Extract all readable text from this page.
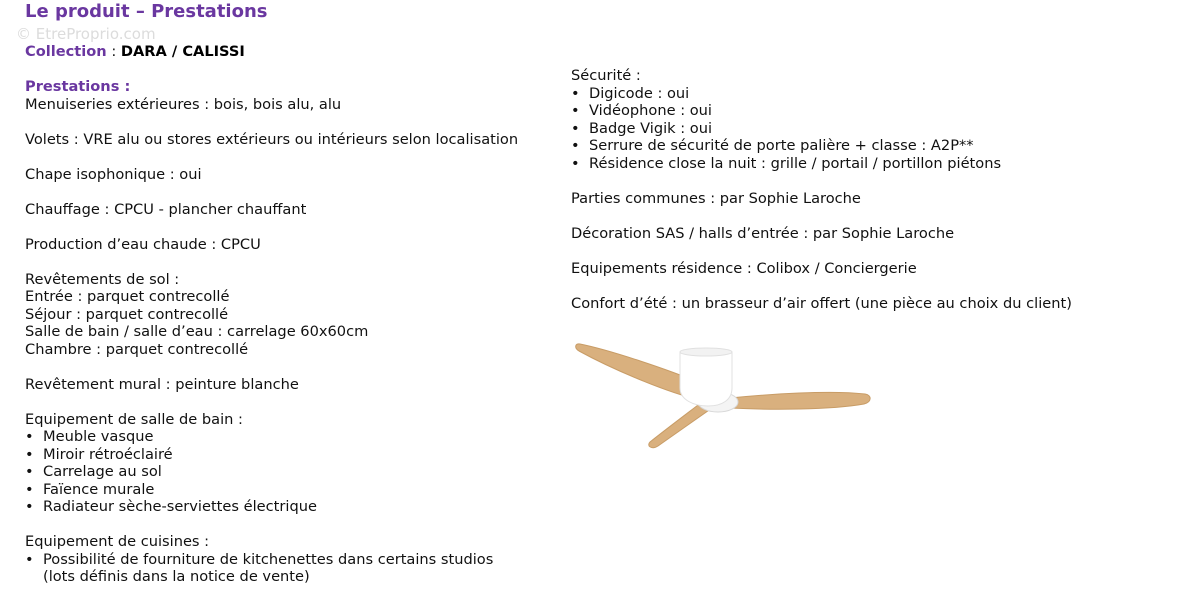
Le produit – Prestations
© EtreProprio.com
Collection : DARA / CALISSI
Prestations :
Menuiseries extérieures : bois, bois alu, alu
Volets : VRE alu ou stores extérieurs ou intérieurs selon localisation
Chape isophonique : oui
Chauffage : CPCU - plancher chauffant
Production d’eau chaude : CPCU
Revêtements de sol :
Entrée : parquet contrecollé
Séjour : parquet contrecollé
Salle de bain / salle d’eau : carrelage 60x60cm
Chambre : parquet contrecollé
Revêtement mural : peinture blanche
Equipement de salle de bain :
• Meuble vasque
• Miroir rétroéclairé
• Carrelage au sol
• Faïence murale
• Radiateur sèche-serviettes électrique
Equipement de cuisines :
• Possibilité de fourniture de kitchenettes dans certains studios (lots définis dans la notice de vente)
Sécurité :
• Digicode : oui
• Vidéophone : oui
• Badge Vigik : oui
• Serrure de sécurité de porte palière + classe : A2P**
• Résidence close la nuit : grille / portail / portillon piétons
Parties communes : par Sophie Laroche
Décoration SAS / halls d’entrée : par Sophie Laroche
Equipements résidence : Colibox / Conciergerie
Confort d’été : un brasseur d’air offert (une pièce au choix du client)
